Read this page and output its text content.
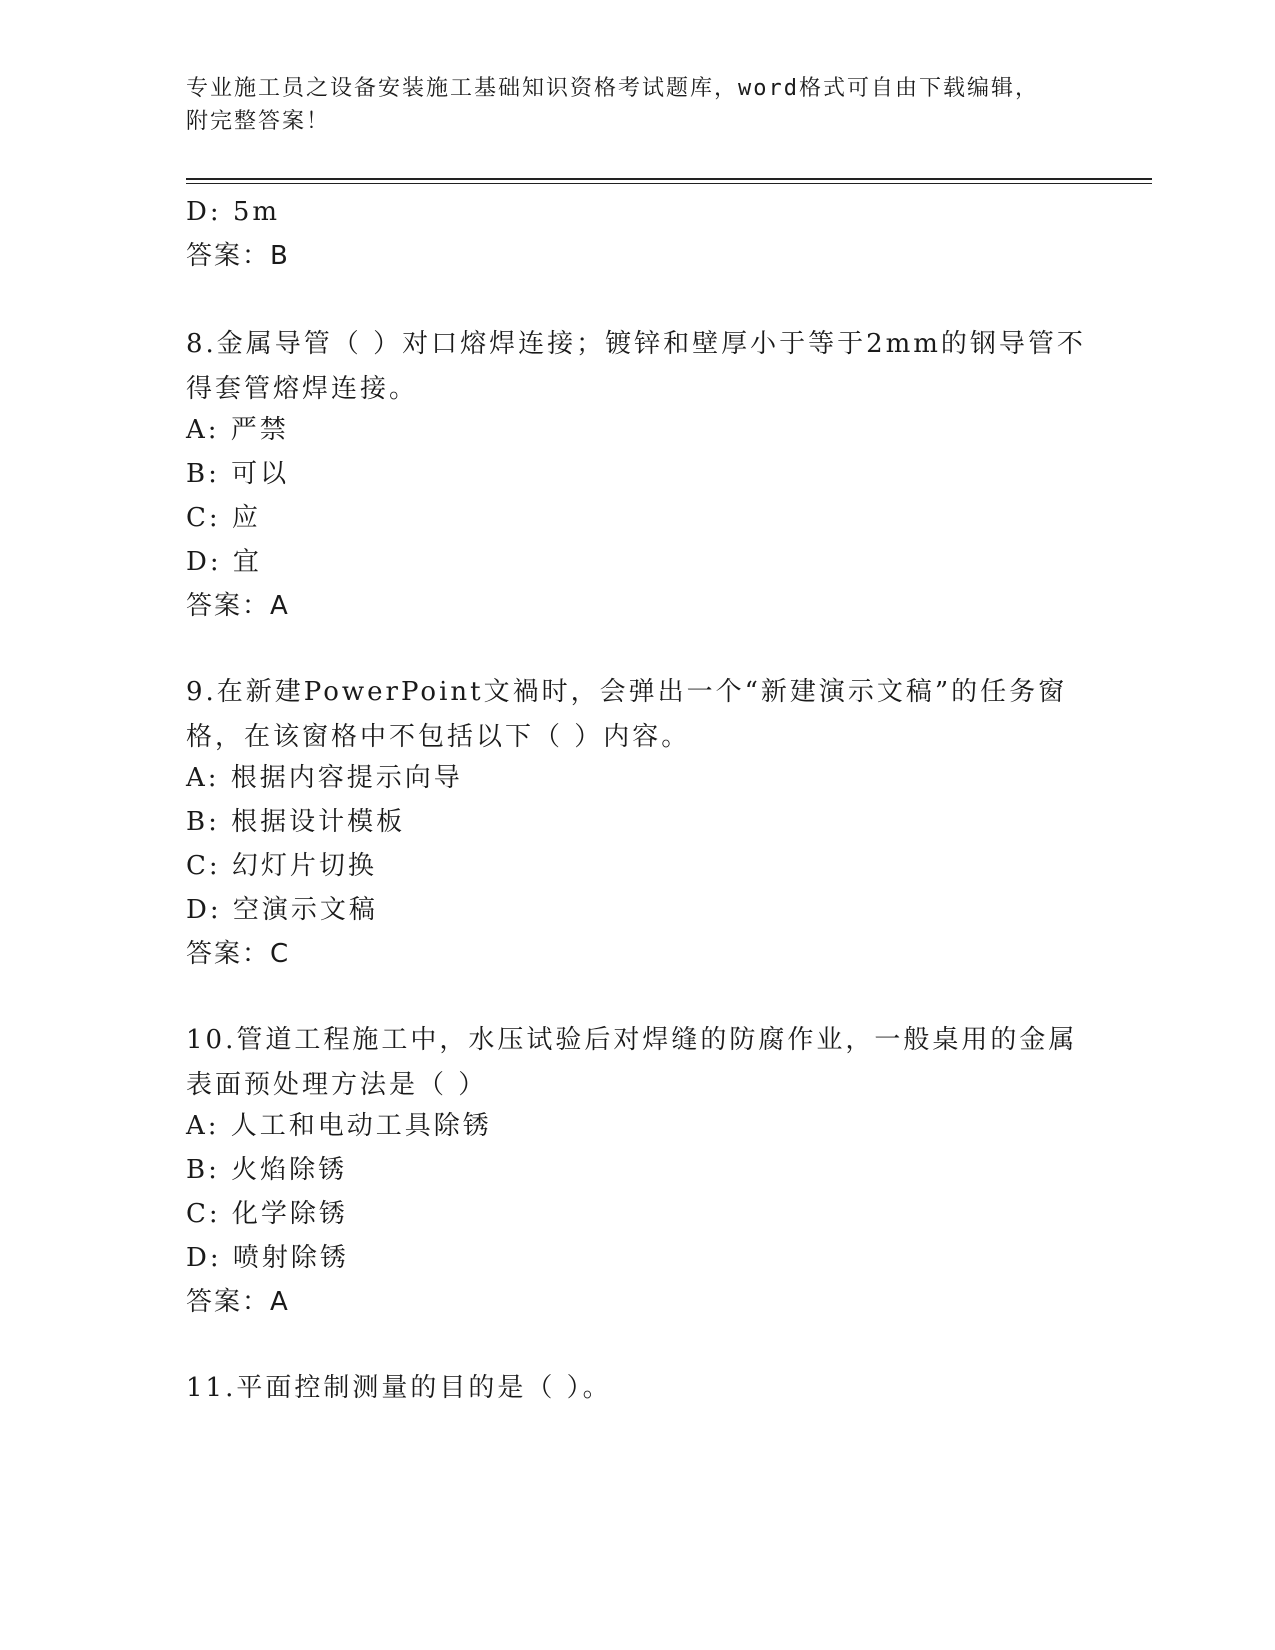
专业施工员之设备安装施工基础知识资格考试题库，word格式可自由下载编辑，
附完整答案！
D: 5m
答案：B
8.金属导管（ ）对口熔焊连接；镀锌和壁厚小于等于2mm的钢导管不
得套管熔焊连接。
A: 严禁
B: 可以
C: 应
D: 宜
答案：A
9.在新建PowerPoint文禍时，会弹出一个“新建演示文稿”的任务窗
格，在该窗格中不包括以下（ ）内容。
A: 根据内容提示向导
B: 根据设计模板
C: 幻灯片切换
D: 空演示文稿
答案：C
10.管道工程施工中，水压试验后对焊缝的防腐作业，一般桌用的金属
表面预处理方法是（ ）
A: 人工和电动工具除锈
B: 火焰除锈
C: 化学除锈
D: 喷射除锈
答案：A
11.平面控制测量的目的是（ ）。
